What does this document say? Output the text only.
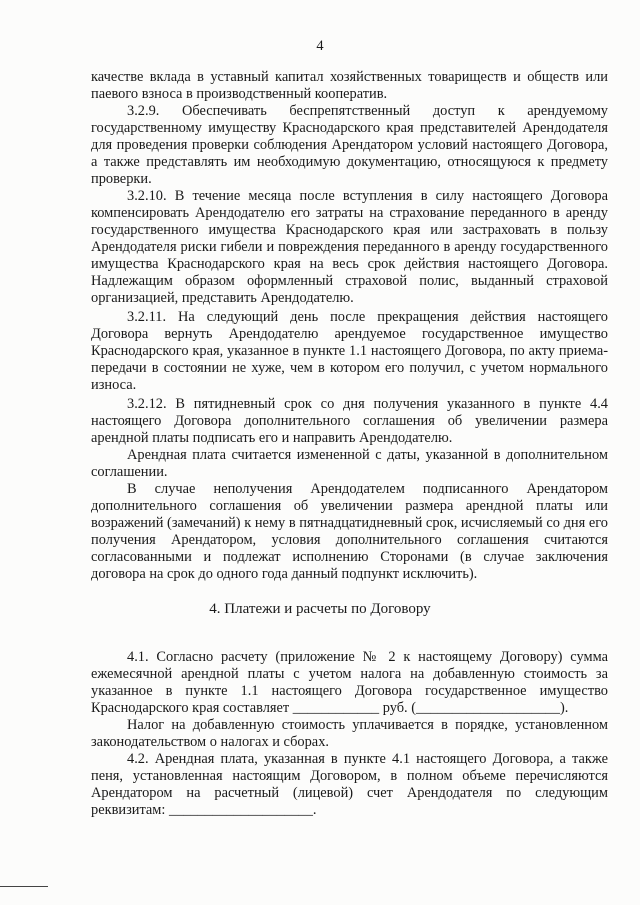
4

качестве вклада в уставный капитал хозяйственных товариществ и обществ или паевого взноса в производственный кооператив.

3.2.9. Обеспечивать беспрепятственный доступ к арендуемому государственному имуществу Краснодарского края представителей Арендодателя для проведения проверки соблюдения Арендатором условий настоящего Договора, а также представлять им необходимую документацию, относящуюся к предмету проверки.

3.2.10. В течение месяца после вступления в силу настоящего Договора компенсировать Арендодателю его затраты на страхование переданного в аренду государственного имущества Краснодарского края или застраховать в пользу Арендодателя риски гибели и повреждения переданного в аренду государственного имущества Краснодарского края на весь срок действия настоящего Договора. Надлежащим образом оформленный страховой полис, выданный страховой организацией, представить Арендодателю.

3.2.11. На следующий день после прекращения действия настоящего Договора вернуть Арендодателю арендуемое государственное имущество Краснодарского края, указанное в пункте 1.1 настоящего Договора, по акту приема-передачи в состоянии не хуже, чем в котором его получил, с учетом нормального износа.

3.2.12. В пятидневный срок со дня получения указанного в пункте 4.4 настоящего Договора дополнительного соглашения об увеличении размера арендной платы подписать его и направить Арендодателю.

Арендная плата считается измененной с даты, указанной в дополнительном соглашении.

В случае неполучения Арендодателем подписанного Арендатором дополнительного соглашения об увеличении размера арендной платы или возражений (замечаний) к нему в пятнадцатидневный срок, исчисляемый со дня его получения Арендатором, условия дополнительного соглашения считаются согласованными и подлежат исполнению Сторонами (в случае заключения договора на срок до одного года данный подпункт исключить).

4. Платежи и расчеты по Договору

4.1. Согласно расчету (приложение № 2 к настоящему Договору) сумма ежемесячной арендной платы с учетом налога на добавленную стоимость за указанное в пункте 1.1 настоящего Договора государственное имущество Краснодарского края составляет ____________ руб. (____________________).

Налог на добавленную стоимость уплачивается в порядке, установленном законодательством о налогах и сборах.

4.2. Арендная плата, указанная в пункте 4.1 настоящего Договора, а также пеня, установленная настоящим Договором, в полном объеме перечисляются Арендатором на расчетный (лицевой) счет Арендодателя по следующим реквизитам: ____________________.
